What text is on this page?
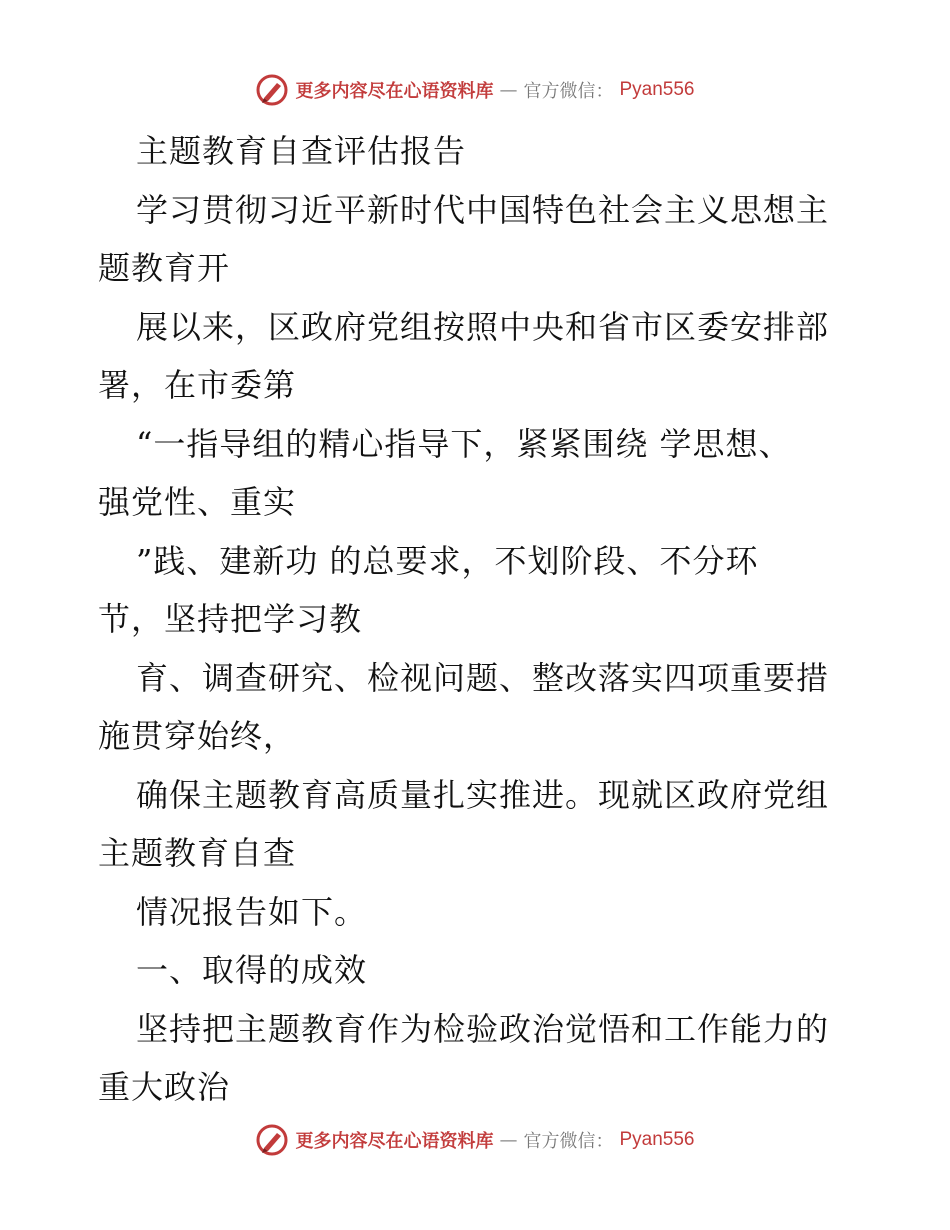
更多内容尽在心语资料库 — 官方微信： Pyan556
主题教育自查评估报告
学习贯彻习近平新时代中国特色社会主义思想主
题教育开
展以来，区政府党组按照中央和省市区委安排部
署，在市委第
“一指导组的精心指导下，紧紧围绕 学思想、
强党性、重实
”践、建新功 的总要求，不划阶段、不分环
节，坚持把学习教
育、调查研究、检视问题、整改落实四项重要措
施贯穿始终，
确保主题教育高质量扎实推进。现就区政府党组
主题教育自查
情况报告如下。
一、取得的成效
坚持把主题教育作为检验政治觉悟和工作能力的
重大政治
更多内容尽在心语资料库 — 官方微信： Pyan556
